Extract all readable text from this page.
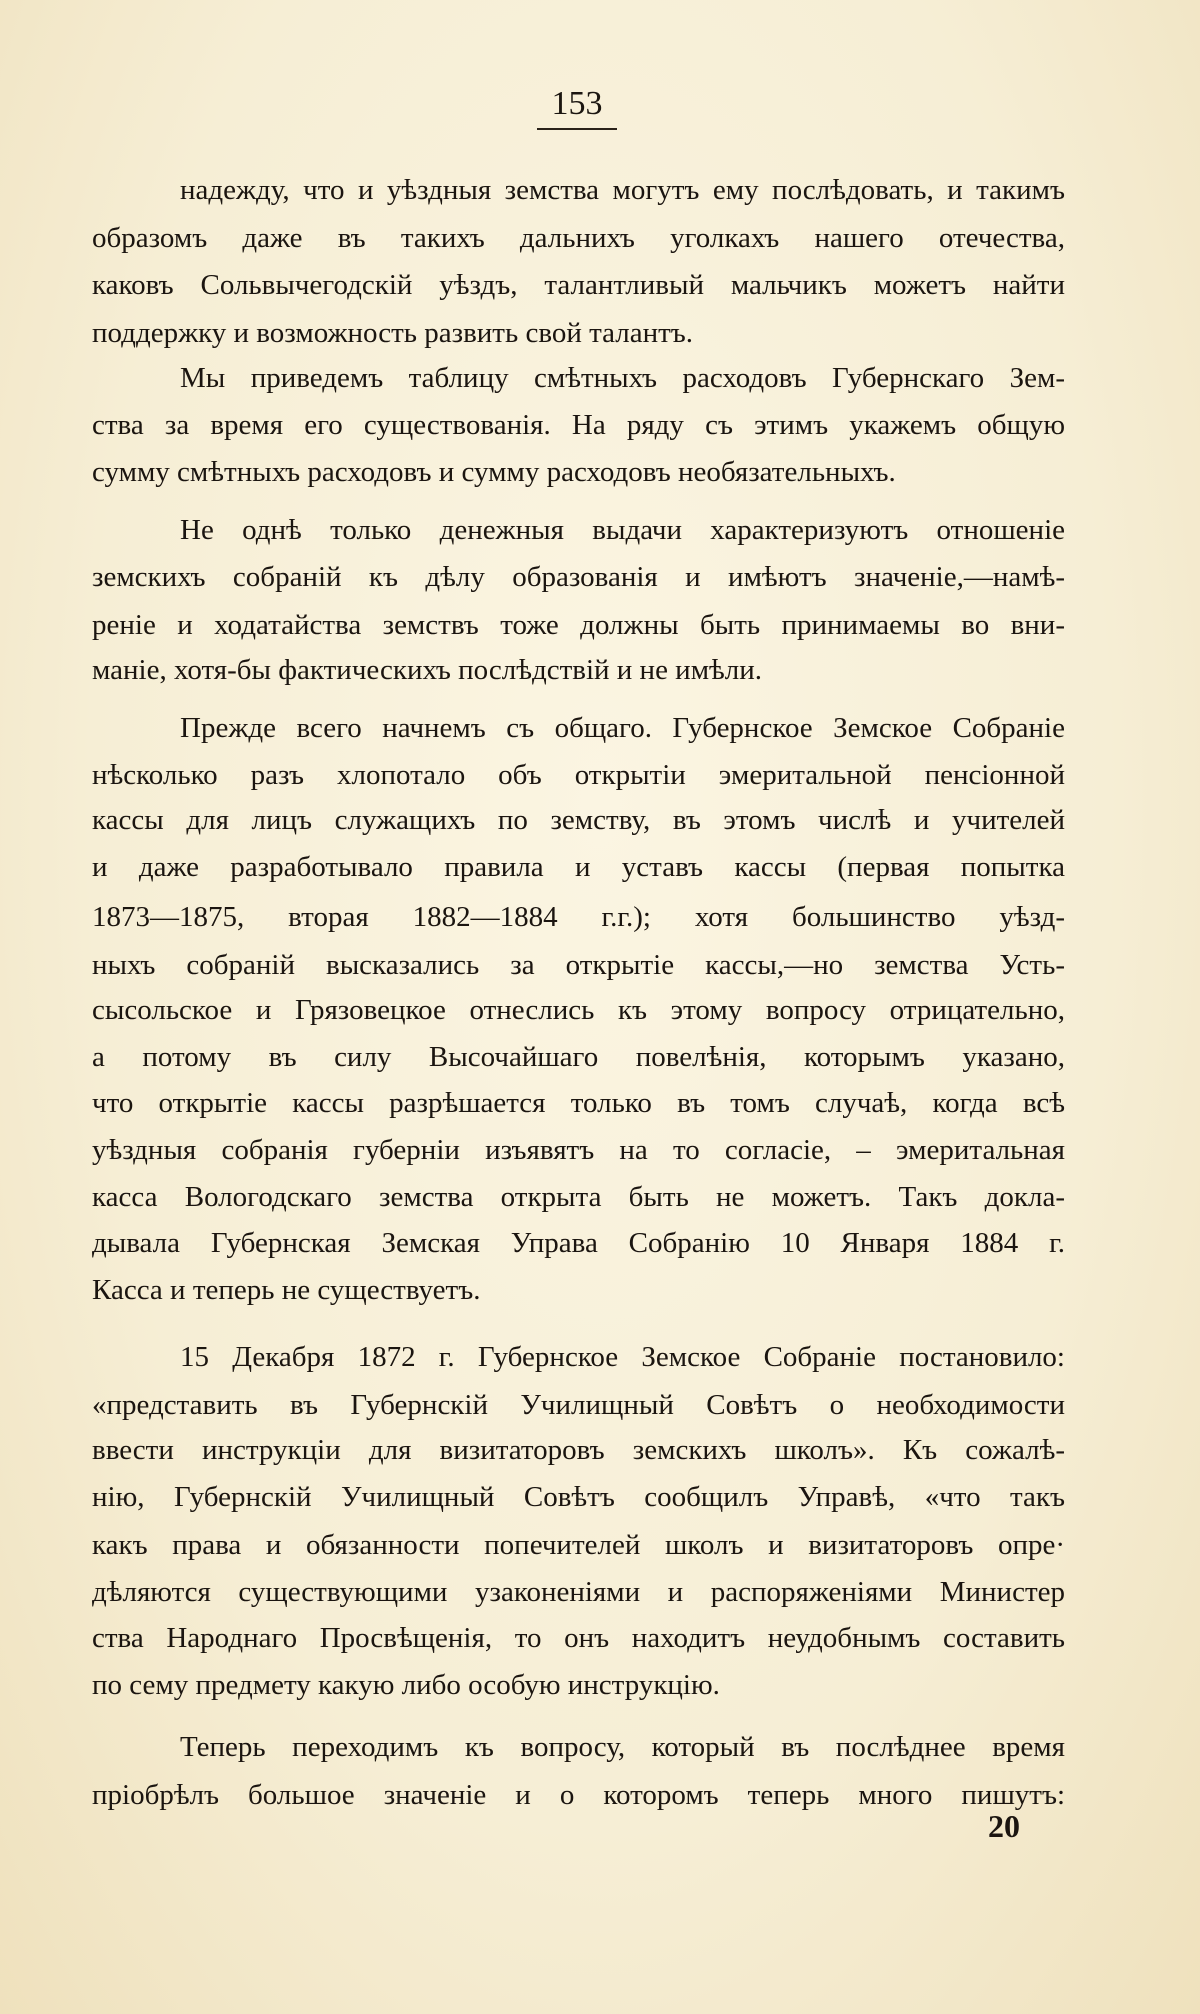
153
надежду, что и уѣздныя земства могутъ ему послѣдовать, и такимъ
образомъ даже въ такихъ дальнихъ уголкахъ нашего отечества,
каковъ Сольвычегодскій уѣздъ, талантливый мальчикъ можетъ найти
поддержку и возможность развить свой талантъ.
Мы приведемъ таблицу смѣтныхъ расходовъ Губернскаго Зем-
ства за время его существованія. На ряду съ этимъ укажемъ общую
сумму смѣтныхъ расходовъ и сумму расходовъ необязательныхъ.
Не однѣ только денежныя выдачи характеризуютъ отношеніе
земскихъ собраній къ дѣлу образованія и имѣютъ значеніе,—намѣ-
реніе и ходатайства земствъ тоже должны быть принимаемы во вни-
маніе, хотя-бы фактическихъ послѣдствій и не имѣли.
Прежде всего начнемъ съ общаго. Губернское Земское Собраніе
нѣсколько разъ хлопотало объ открытіи эмеритальной пенсіонной
кассы для лицъ служащихъ по земству, въ этомъ числѣ и учителей
и даже разработывало правила и уставъ кассы (первая попытка
1873—1875, вторая 1882—1884 г.г.); хотя большинство уѣзд-
ныхъ собраній высказались за открытіе кассы,—но земства Усть-
сысольское и Грязовецкое отнеслись къ этому вопросу отрицательно,
а потому въ силу Высочайшаго повелѣнія, которымъ указано,
что открытіе кассы разрѣшается только въ томъ случаѣ, когда всѣ
уѣздныя собранія губерніи изъявятъ на то согласіе, – эмеритальная
касса Вологодскаго земства открыта быть не можетъ. Такъ докла-
дывала Губернская Земская Управа Собранію 10 Января 1884 г.
Касса и теперь не существуетъ.
15 Декабря 1872 г. Губернское Земское Собраніе постановило:
«представить въ Губернскій Училищный Совѣтъ о необходимости
ввести инструкціи для визитаторовъ земскихъ школъ». Къ сожалѣ-
нію, Губернскій Училищный Совѣтъ сообщилъ Управѣ, «что такъ
какъ права и обязанности попечителей школъ и визитаторовъ опре·
дѣляются существующими узаконеніями и распоряженіями Министер
ства Народнаго Просвѣщенія, то онъ находитъ неудобнымъ составить
по сему предмету какую либо особую инструкцію.
Теперь переходимъ къ вопросу, который въ послѣднее время
пріобрѣлъ большое значеніе и о которомъ теперь много пишутъ:
20
